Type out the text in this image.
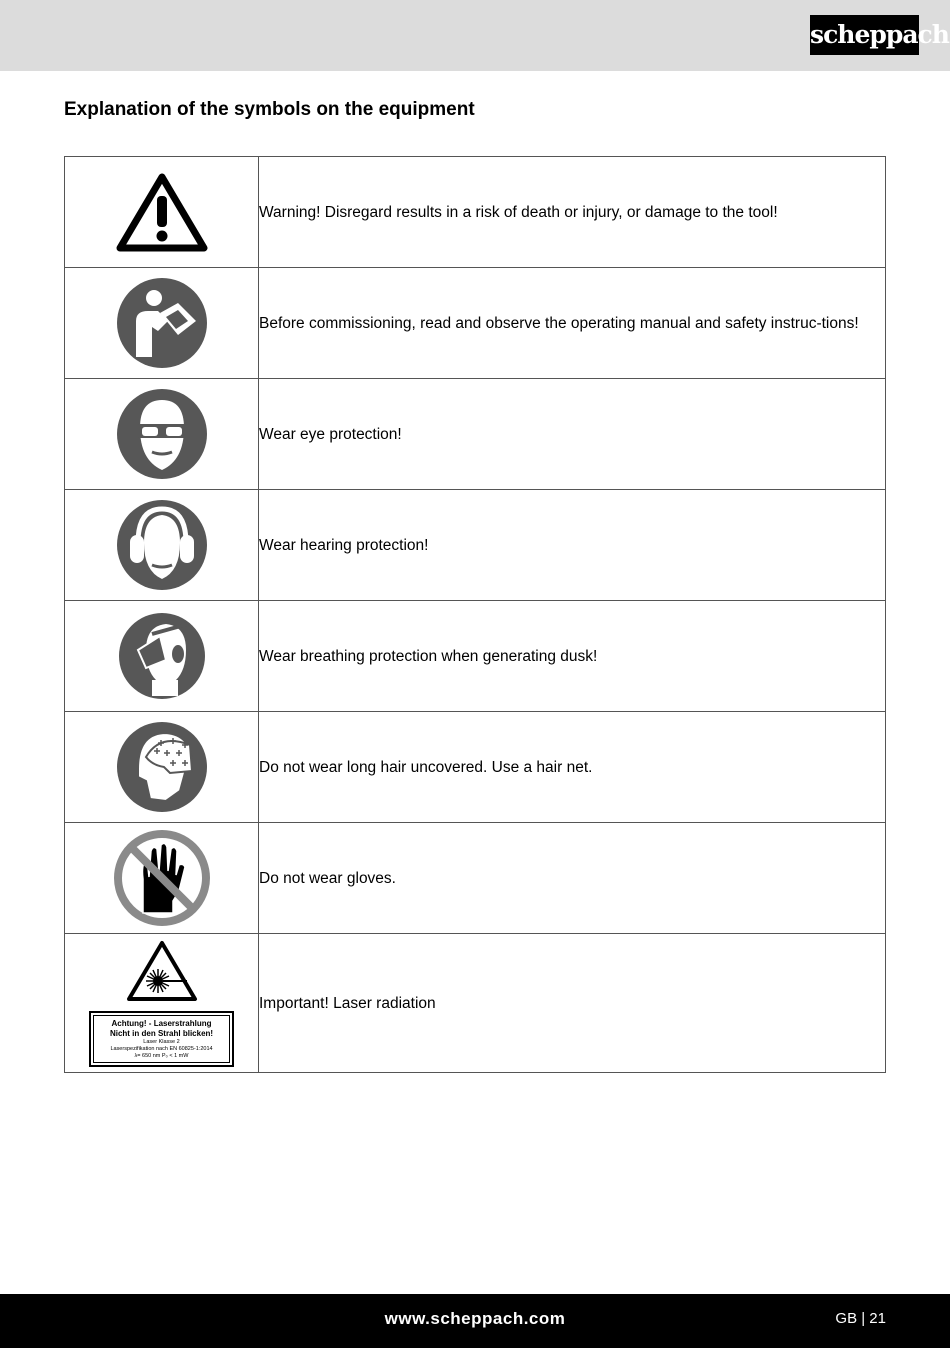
scheppach
Explanation of the symbols on the equipment
	Warning! Disregard results in a risk of death or injury, or damage to the tool!

	Before commissioning, read and observe the operating manual and safety instruc-tions!

	Wear eye protection!

	Wear hearing protection!

	Wear breathing protection when generating dusk!

	Do not wear long hair uncovered. Use a hair net.

	Do not wear gloves.

Achtung! - Laserstrahlung
Nicht in den Strahl blicken!
Laser Klasse 2
Laserspezifikation nach EN 60825-1:2014
λ= 650 nm P₀ < 1 mW	Important! Laser radiation
www.scheppach.com	GB | 21
